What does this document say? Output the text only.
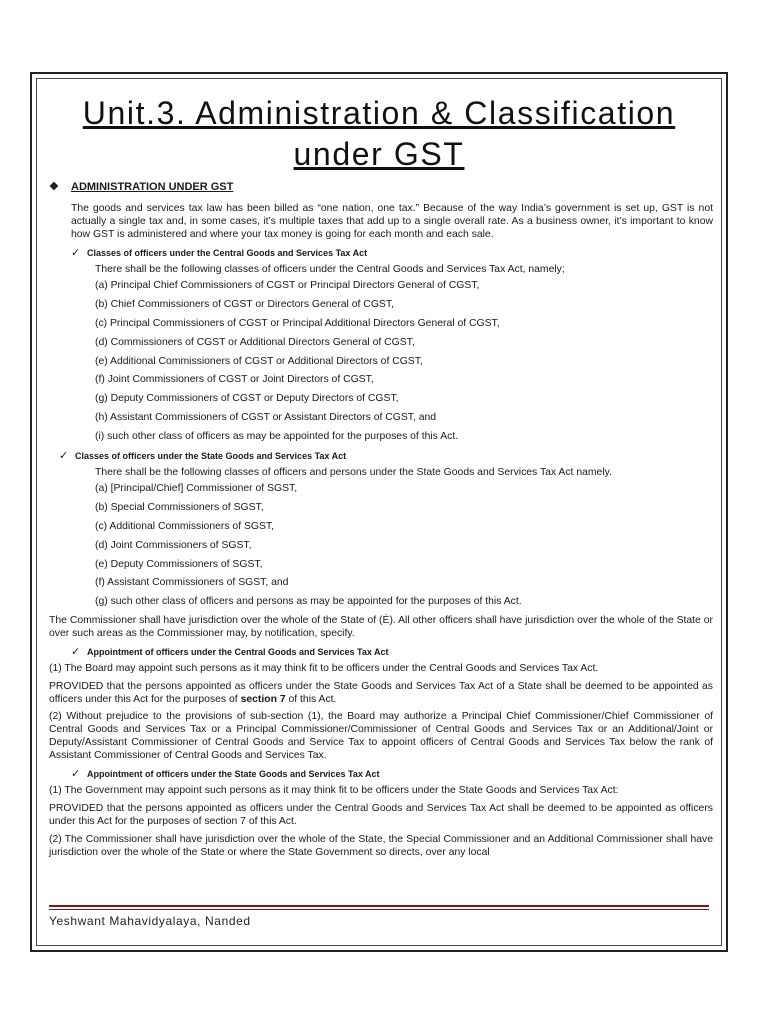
Unit.3. Administration & Classification
under GST
❖ ADMINISTRATION UNDER GST
The goods and services tax law has been billed as “one nation, one tax.” Because of the way India’s government is set up, GST is not actually a single tax and, in some cases, it’s multiple taxes that add up to a single overall rate. As a business owner, it’s important to know how GST is administered and where your tax money is going for each month and each sale.
✓ Classes of officers under the Central Goods and Services Tax Act
There shall be the following classes of officers under the Central Goods and Services Tax Act, namely;
(a) Principal Chief Commissioners of CGST or Principal Directors General of CGST,
(b) Chief Commissioners of CGST or Directors General of CGST,
(c) Principal Commissioners of CGST or Principal Additional Directors General of CGST,
(d) Commissioners of CGST or Additional Directors General of CGST,
(e) Additional Commissioners of CGST or Additional Directors of CGST,
(f) Joint Commissioners of CGST or Joint Directors of CGST,
(g) Deputy Commissioners of CGST or Deputy Directors of CGST,
(h) Assistant Commissioners of CGST or Assistant Directors of CGST, and
(i) such other class of officers as may be appointed for the purposes of this Act.
✓ Classes of officers under the State Goods and Services Tax Act
There shall be the following classes of officers and persons under the State Goods and Services Tax Act namely.
(a) [Principal/Chief] Commissioner of SGST,
(b) Special Commissioners of SGST,
(c) Additional Commissioners of SGST,
(d) Joint Commissioners of SGST,
(e) Deputy Commissioners of SGST,
(f) Assistant Commissioners of SGST, and
(g) such other class of officers and persons as may be appointed for the purposes of this Act.
The Commissioner shall have jurisdiction over the whole of the State of (É). All other officers shall have jurisdiction over the whole of the State or over such areas as the Commissioner may, by notification, specify.
✓ Appointment of officers under the Central Goods and Services Tax Act
(1) The Board may appoint such persons as it may think fit to be officers under the Central Goods and Services Tax Act.
PROVIDED that the persons appointed as officers under the State Goods and Services Tax Act of a State shall be deemed to be appointed as officers under this Act for the purposes of section 7 of this Act.
(2) Without prejudice to the provisions of sub-section (1), the Board may authorize a Principal Chief Commissioner/Chief Commissioner of Central Goods and Services Tax or a Principal Commissioner/Commissioner of Central Goods and Services Tax or an Additional/Joint or Deputy/Assistant Commissioner of Central Goods and Service Tax to appoint officers of Central Goods and Services Tax below the rank of Assistant Commissioner of Central Goods and Services Tax.
✓ Appointment of officers under the State Goods and Services Tax Act
(1) The Government may appoint such persons as it may think fit to be officers under the State Goods and Services Tax Act:
PROVIDED that the persons appointed as officers under the Central Goods and Services Tax Act shall be deemed to be appointed as officers under this Act for the purposes of section 7 of this Act.
(2) The Commissioner shall have jurisdiction over the whole of the State, the Special Commissioner and an Additional Commissioner shall have jurisdiction over the whole of the State or where the State Government so directs, over any local
Yeshwant Mahavidyalaya, Nanded
